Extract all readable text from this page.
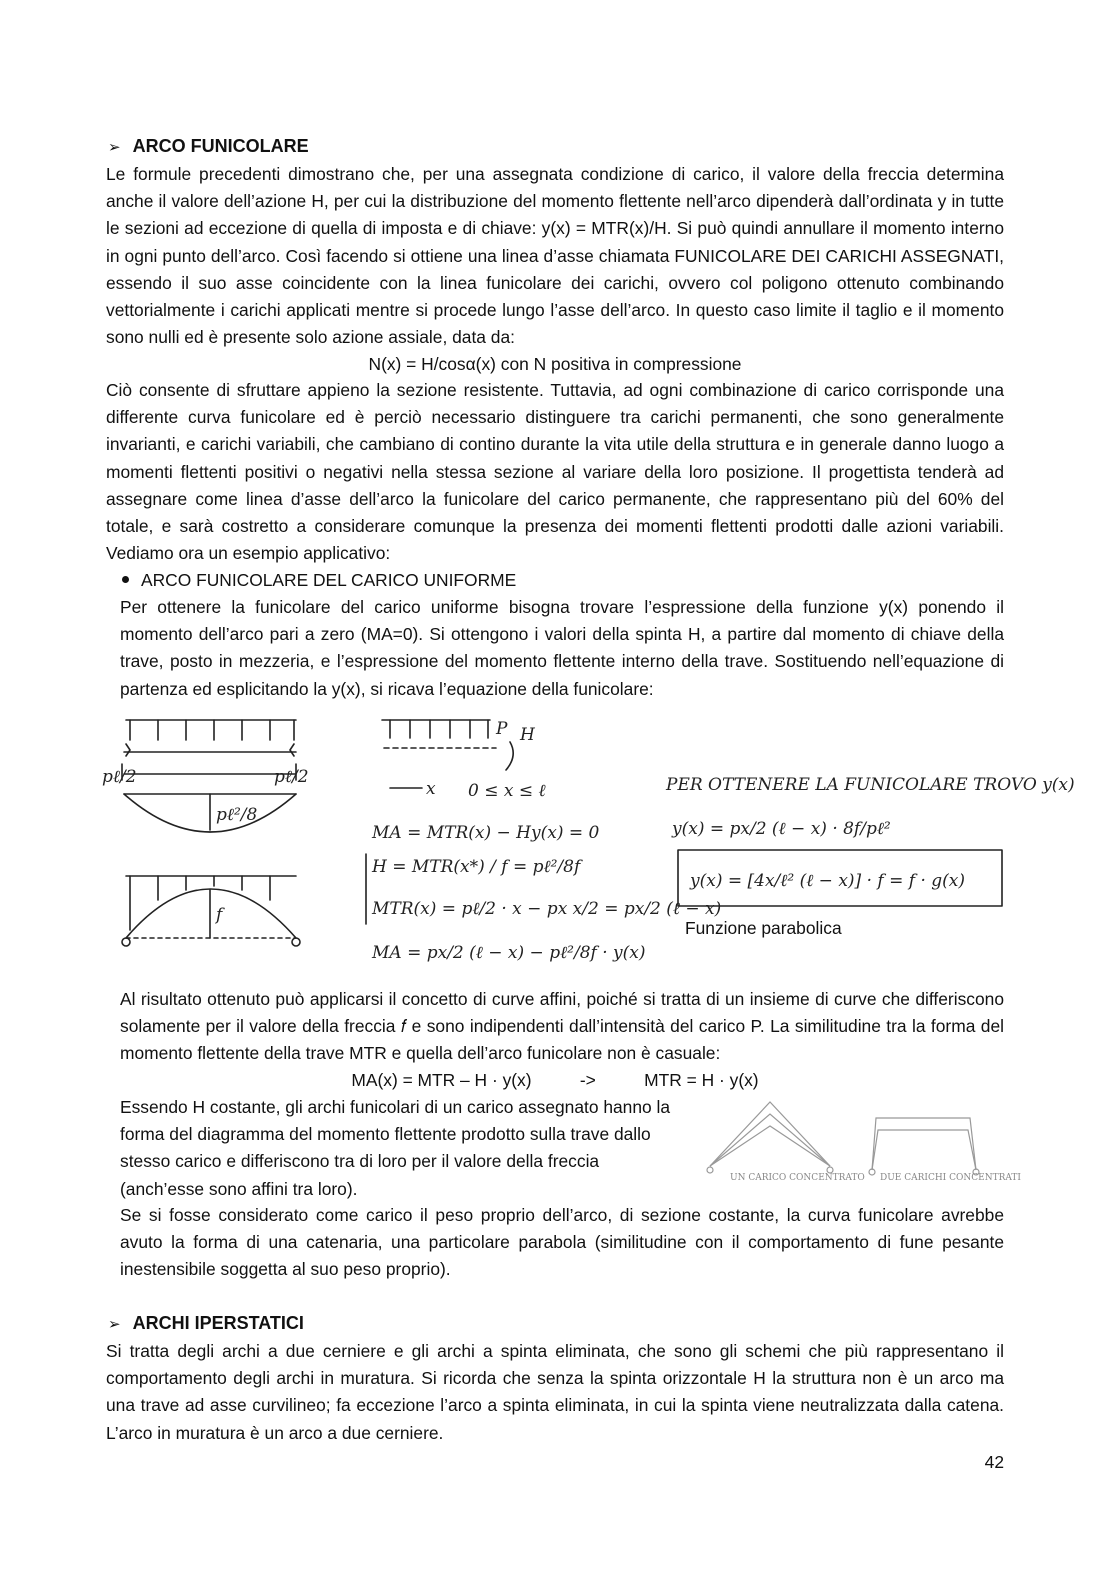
➢ ARCO FUNICOLARE

Le formule precedenti dimostrano che, per una assegnata condizione di carico, il valore della freccia determina anche il valore dell’azione H, per cui la distribuzione del momento flettente nell’arco dipenderà dall’ordinata y in tutte le sezioni ad eccezione di quella di imposta e di chiave: y(x) = MTR(x)/H. Si può quindi annullare il momento interno in ogni punto dell’arco. Così facendo si ottiene una linea d’asse chiamata FUNICOLARE DEI CARICHI ASSEGNATI, essendo il suo asse coincidente con la linea funicolare dei carichi, ovvero col poligono ottenuto combinando vettorialmente i carichi applicati mentre si procede lungo l’asse dell’arco. In questo caso limite il taglio e il momento sono nulli ed è presente solo azione assiale, data da:

N(x) = H/cosα(x) con N positiva in compressione

Ciò consente di sfruttare appieno la sezione resistente. Tuttavia, ad ogni combinazione di carico corrisponde una differente curva funicolare ed è perciò necessario distinguere tra carichi permanenti, che sono generalmente invarianti, e carichi variabili, che cambiano di contino durante la vita utile della struttura e in generale danno luogo a momenti flettenti positivi o negativi nella stessa sezione al variare della loro posizione. Il progettista tenderà ad assegnare come linea d’asse dell’arco la funicolare del carico permanente, che rappresentano più del 60% del totale, e sarà costretto a considerare comunque la presenza dei momenti flettenti prodotti dalle azioni variabili. Vediamo ora un esempio applicativo:

ARCO FUNICOLARE DEL CARICO UNIFORME

Per ottenere la funicolare del carico uniforme bisogna trovare l’espressione della funzione y(x) ponendo il momento dell’arco pari a zero (MA=0). Si ottengono i valori della spinta H, a partire dal momento di chiave della trave, posto in mezzeria, e l’espressione del momento flettente interno della trave. Sostituendo nell’equazione di partenza ed esplicitando la y(x), si ricava l’equazione della funicolare:

pℓ/2	pℓ/2
pℓ²/8
f
P H
x 0 ≤ x ≤ ℓ
MA = MTR(x) − Hy(x) = 0
H = MTR(x*) / f = pℓ²/8f
MTR(x) = pℓ/2 · x − px x/2 = px/2 (ℓ − x)
MA = px/2 (ℓ − x) − pℓ²/8f · y(x)
PER OTTENERE LA FUNICOLARE TROVO y(x)
y(x) = px/2 (ℓ − x) · 8f/pℓ²
y(x) = [4x/ℓ² (ℓ − x)] · f = f · g(x)
Funzione parabolica

Al risultato ottenuto può applicarsi il concetto di curve affini, poiché si tratta di un insieme di curve che differiscono solamente per il valore della freccia 𝑓 e sono indipendenti dall’intensità del carico P. La similitudine tra la forma del momento flettente della trave MTR e quella dell’arco funicolare non è casuale:

MA(x) = MTR – H · y(x)          ->          MTR = H · y(x)

Essendo H costante, gli archi funicolari di un carico assegnato hanno la forma del diagramma del momento flettente prodotto sulla trave dallo stesso carico e differiscono tra di loro per il valore della freccia (anch’esse sono affini tra loro).

UN CARICO CONCENTRATO DUE CARICHI CONCENTRATI

Se si fosse considerato come carico il peso proprio dell’arco, di sezione costante, la curva funicolare avrebbe avuto la forma di una catenaria, una particolare parabola (similitudine con il comportamento di fune pesante inestensibile soggetta al suo peso proprio).

➢ ARCHI IPERSTATICI

Si tratta degli archi a due cerniere e gli archi a spinta eliminata, che sono gli schemi che più rappresentano il comportamento degli archi in muratura. Si ricorda che senza la spinta orizzontale H la struttura non è un arco ma una trave ad asse curvilineo; fa eccezione l’arco a spinta eliminata, in cui la spinta viene neutralizzata dalla catena. L’arco in muratura è un arco a due cerniere.

42
